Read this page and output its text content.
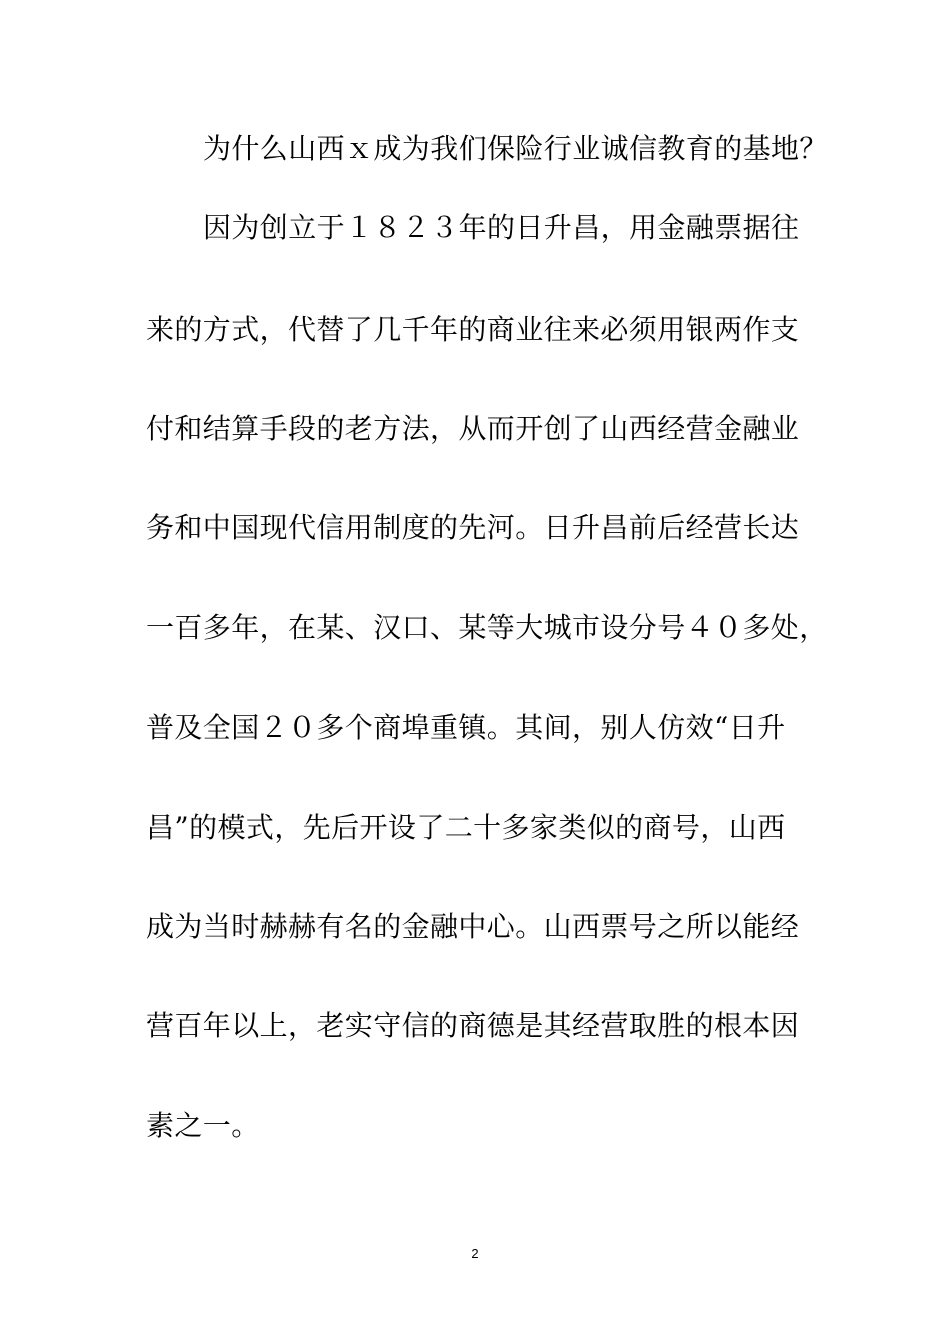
为什么山西ｘ成为我们保险行业诚信教育的基地？
因为创立于１８２３年的日升昌，用金融票据往
来的方式，代替了几千年的商业往来必须用银两作支
付和结算手段的老方法，从而开创了山西经营金融业
务和中国现代信用制度的先河。日升昌前后经营长达
一百多年，在某、汉口、某等大城市设分号４０多处，
普及全国２０多个商埠重镇。其间，别人仿效“日升
昌”的模式，先后开设了二十多家类似的商号，山西
成为当时赫赫有名的金融中心。山西票号之所以能经
营百年以上，老实守信的商德是其经营取胜的根本因
素之一。
2
